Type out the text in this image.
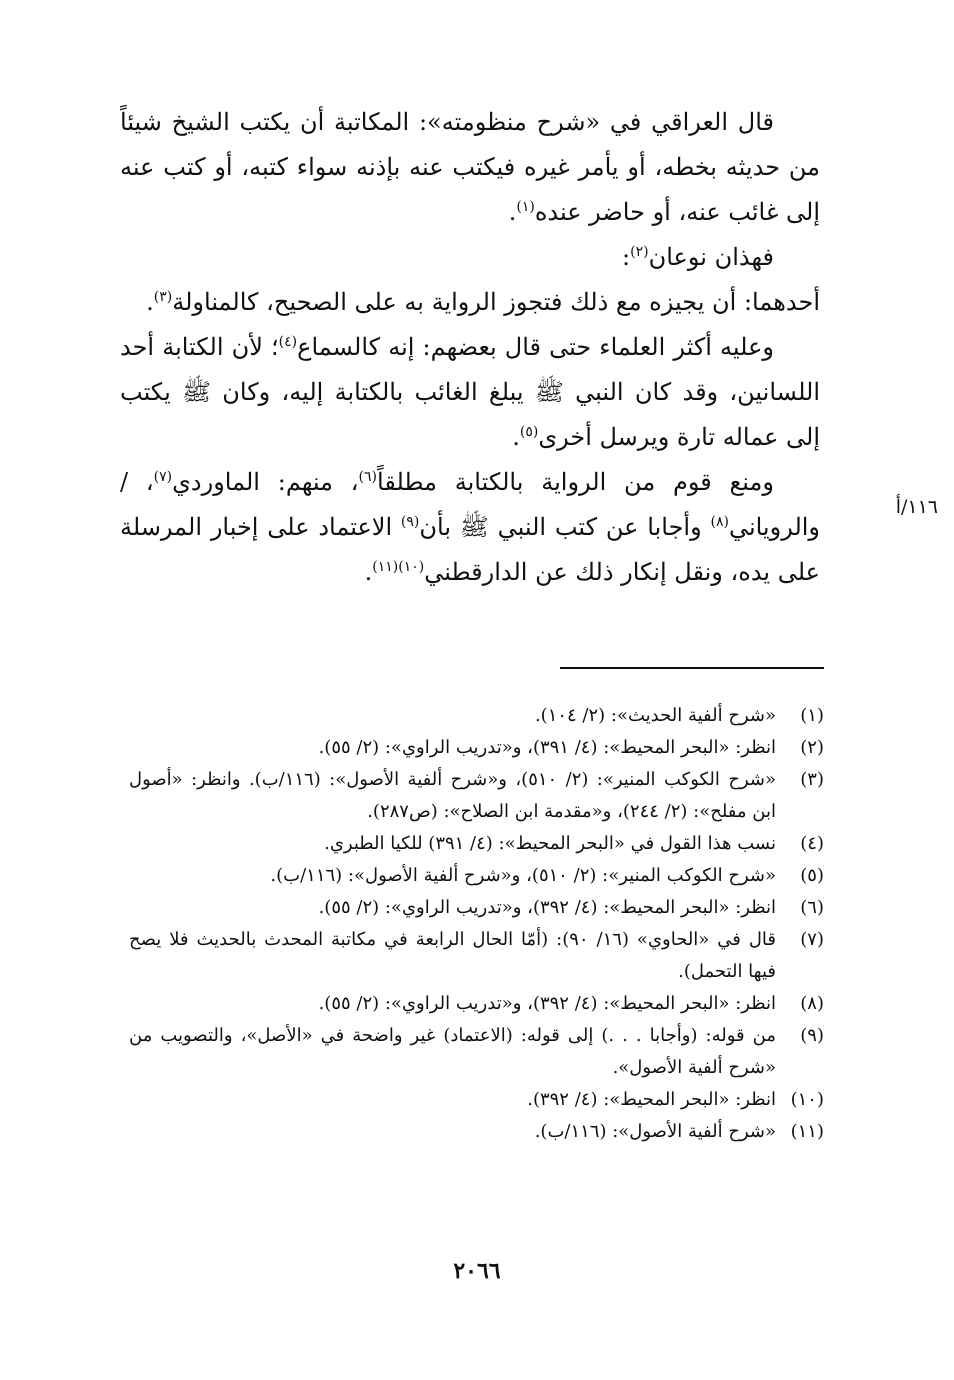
١١٦/أ

قال العراقي في «شرح منظومته»: المكاتبة أن يكتب الشيخ شيئاً من حديثه بخطه، أو يأمر غيره فيكتب عنه بإذنه سواء كتبه، أو كتب عنه إلى غائب عنه، أو حاضر عنده$^{(١)}$.

فهذان نوعان$^{(٢)}$:

أحدهما: أن يجيزه مع ذلك فتجوز الرواية به على الصحيح، كالمناولة$^{(٣)}$.

وعليه أكثر العلماء حتى قال بعضهم: إنه كالسماع$^{(٤)}$؛ لأن الكتابة أحد اللسانين، وقد كان النبي ﷺ يبلغ الغائب بالكتابة إليه، وكان ﷺ يكتب إلى عماله تارة ويرسل أخرى$^{(٥)}$.

ومنع قوم من الرواية بالكتابة مطلقاً$^{(٦)}$، منهم: الماوردي$^{(٧)}$، / والروياني$^{(٨)}$ وأجابا عن كتب النبي ﷺ بأن$^{(٩)}$ الاعتماد على إخبار المرسلة على يده، ونقل إنكار ذلك عن الدارقطني$^{(١٠)(١١)}$.

(١)
«شرح ألفية الحديث»: (٢/ ١٠٤).
(٢)
انظر: «البحر المحيط»: (٤/ ٣٩١)، و«تدريب الراوي»: (٢/ ٥٥).
(٣)
«شرح الكوكب المنير»: (٢/ ٥١٠)، و«شرح ألفية الأصول»: (١١٦/ب). وانظر: «أصول ابن مفلح»: (٢/ ٢٤٤)، و«مقدمة ابن الصلاح»: (ص٢٨٧).
(٤)
نسب هذا القول في «البحر المحيط»: (٤/ ٣٩١) للكيا الطبري.
(٥)
«شرح الكوكب المنير»: (٢/ ٥١٠)، و«شرح ألفية الأصول»: (١١٦/ب).
(٦)
انظر: «البحر المحيط»: (٤/ ٣٩٢)، و«تدريب الراوي»: (٢/ ٥٥).
(٧)
قال في «الحاوي» (١٦/ ٩٠): (أمّا الحال الرابعة في مكاتبة المحدث بالحديث فلا يصح فيها التحمل).
(٨)
انظر: «البحر المحيط»: (٤/ ٣٩٢)، و«تدريب الراوي»: (٢/ ٥٥).
(٩)
من قوله: (وأجابا . . .) إلى قوله: (الاعتماد) غير واضحة في «الأصل»، والتصويب من «شرح ألفية الأصول».
(١٠)
انظر: «البحر المحيط»: (٤/ ٣٩٢).
(١١)
«شرح ألفية الأصول»: (١١٦/ب).
٢٠٦٦
